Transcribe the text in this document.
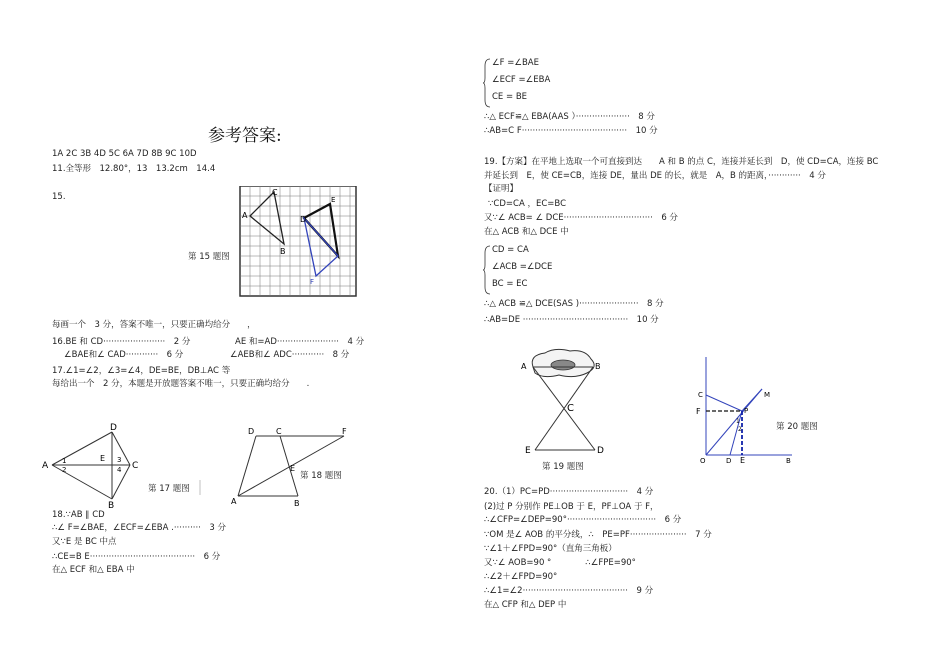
参考答案:
1A 2C 3B 4D 5C 6A 7D 8B 9C 10D
11.全等形　12.80°，13　13.2cm　14.4
15.
A
C
B
D
E
F
第 15 题图
每画一个　3 分，答案不唯一，只要正确均给分　　，
16.BE 和 CD·······················　2 分	AE 和=AD·······················　4 分
∠BAE和∠ CAD············　6 分	∠AEB和∠ ADC············　8 分
17.∠1=∠2，∠3=∠4，DE=BE，DB⊥AC 等
每给出一个　2 分，本题是开放题答案不唯一，只要正确均给分　　.
A
D
C
B
E
1
2
3
4
第 17 题图
D	C	F
E
A	B
第 18 题图
18.∵AB ∥ CD
∴∠ F=∠BAE，∠ECF=∠EBA .··········　3 分
又∵E 是 BC 中点
∴CE=B E·······································　6 分
在△ ECF 和△ EBA 中
∠F =∠BAE
∠ECF =∠EBA
CE = BE
∴△ ECF≌△ EBA(AAS ）····················　8 分
∴AB=C F·······································　10 分
19.【方案】在平地上选取一个可直接到达　　A 和 B 的点 C，连接并延长到　D，使 CD=CA，连接 BC
并延长到　E，使 CE=CB，连接 DE，量出 DE 的长，就是　A，B 的距离，············　4 分
【证明】
∵CD=CA ，EC=BC
又∵∠ ACB= ∠ DCE·································　6 分
在△ ACB 和△ DCE 中
CD = CA
∠ACB =∠DCE
BC = EC
∴△ ACB ≌△ DCE(SAS )······················　8 分
∴AB=DE ·······································　10 分
A	B
C
E	D
第 19 题图
C
F	P
M
O	D E	B
1
2	第 20 题图
20.（1）PC=PD·····························　4 分
(2)过 P 分别作 PE⊥OB 于 E，PF⊥OA 于 F，
∴∠CFP=∠DEP=90°·································　6 分
∵OM 是∠ AOB 的平分线，∴　PE=PF·····················　7 分
∵∠1＋∠FPD=90°（直角三角板）
又∵∠ AOB=90 °　　　　∴∠FPE=90°
∴∠2＋∠FPD=90°
∴∠1=∠2·······································　9 分
在△ CFP 和△ DEP 中
